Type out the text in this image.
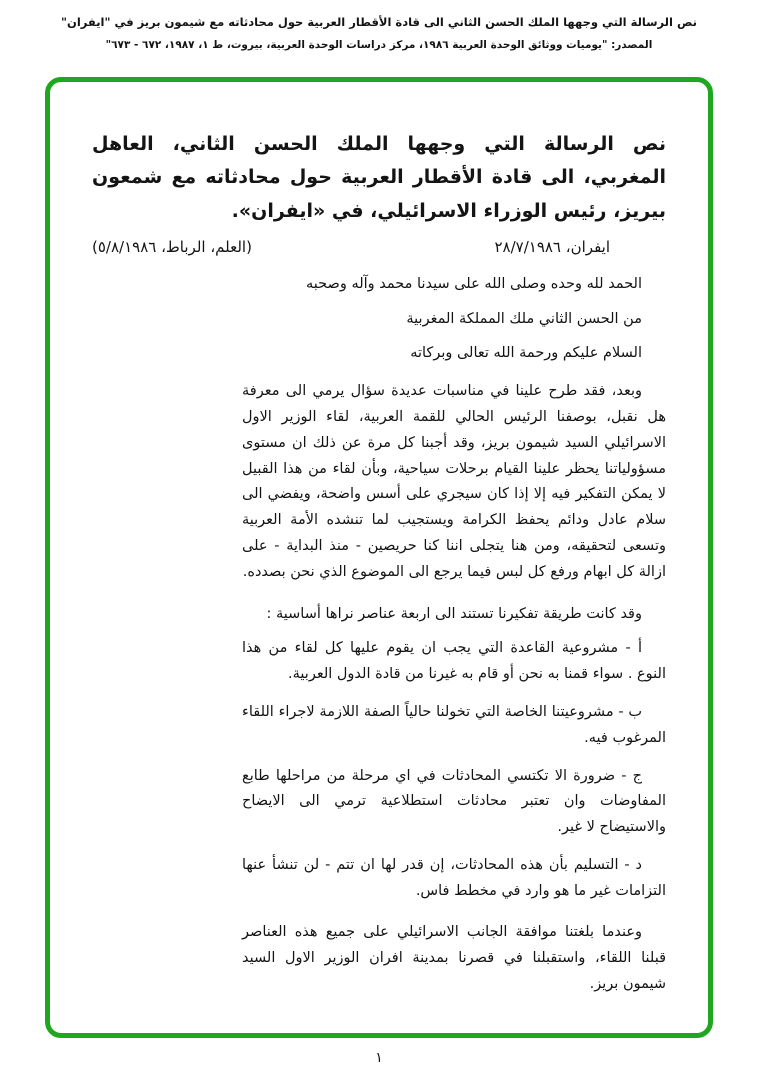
نص الرسالة التي وجهها الملك الحسن الثاني الى قادة الأقطار العربية حول محادثاته مع شيمون بريز في "ايفران"
المصدر: "يوميات ووثائق الوحدة العربية ١٩٨٦، مركز دراسات الوحدة العربية، بيروت، ط ١، ١٩٨٧، ٦٧٢ - ٦٧٣"
نص الرسالة التي وجهها الملك الحسن الثاني، العاهل المغربي، الى قادة الأقطار العربية حول محادثاته مع شمعون بيريز، رئيس الوزراء الاسرائيلي، في «ايفران».
ايفران، ٢٨/٧/١٩٨٦
(العلم، الرباط، ٥/٨/١٩٨٦)

الحمد لله وحده وصلى الله على سيدنا محمد وآله وصحبه

من الحسن الثاني ملك المملكة المغربية

السلام عليكم ورحمة الله تعالى وبركاته

وبعد، فقد طرح علينا في مناسبات عديدة سؤال يرمي الى معرفة هل نقبل، بوصفنا الرئيس الحالي للقمة العربية، لقاء الوزير الاول الاسرائيلي السيد شيمون بريز، وقد أجبنا كل مرة عن ذلك ان مستوى مسؤولياتنا يحظر علينا القيام برحلات سياحية، وبأن لقاء من هذا القبيل لا يمكن التفكير فيه إلا إذا كان سيجري على أسس واضحة، ويفضي الى سلام عادل ودائم يحفظ الكرامة ويستجيب لما تنشده الأمة العربية وتسعى لتحقيقه، ومن هنا يتجلى اننا كنا حريصين - منذ البداية - على ازالة كل ابهام ورفع كل لبس فيما يرجع الى الموضوع الذي نحن بصدده.

وقد كانت طريقة تفكيرنا تستند الى اربعة عناصر نراها أساسية :

أ - مشروعية القاعدة التي يجب ان يقوم عليها كل لقاء من هذا النوع . سواء قمنا به نحن أو قام به غيرنا من قادة الدول العربية.

ب - مشروعيتنا الخاصة التي تخولنا حالياً الصفة اللازمة لاجراء اللقاء المرغوب فيه.

ج - ضرورة الا تكتسي المحادثات في اي مرحلة من مراحلها طابع المفاوضات وان تعتبر محادثات استطلاعية ترمي الى الايضاح والاستيضاح لا غير.

د - التسليم بأن هذه المحادثات، إن قدر لها ان تتم - لن تنشأ عنها التزامات غير ما هو وارد في مخطط فاس.

وعندما بلغتنا موافقة الجانب الاسرائيلي على جميع هذه العناصر قبلنا اللقاء، واستقبلنا في قصرنا بمدينة افران الوزير الاول السيد شيمون بريز.

١
